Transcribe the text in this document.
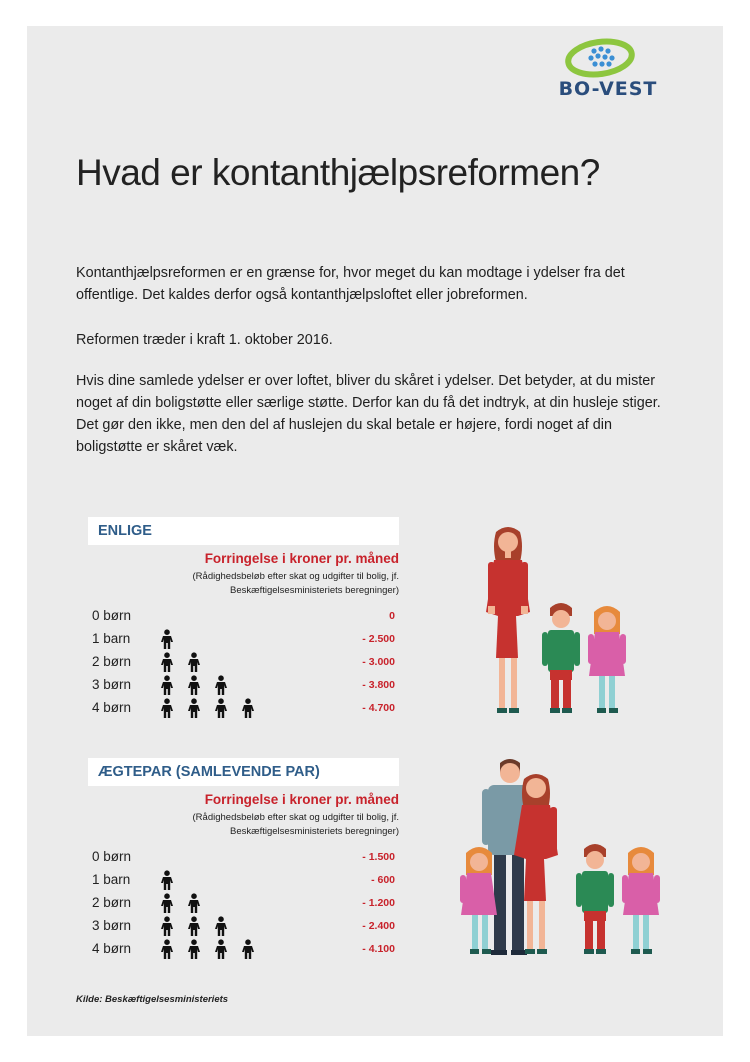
BO-VEST
Hvad er kontanthjælpsreformen?

Kontanthjælpsreformen er en grænse for, hvor meget du kan modtage i ydelser fra det offentlige. Det kaldes derfor også kontanthjælpsloftet eller jobreformen.

Reformen træder i kraft 1. oktober 2016.

Hvis dine samlede ydelser er over loftet, bliver du skåret i ydelser. Det betyder, at du mister noget af din boligstøtte eller særlige støtte. Derfor kan du få det indtryk, at din husleje stiger. Det gør den ikke, men den del af huslejen du skal betale er højere, fordi noget af din boligstøtte er skåret væk.

ENLIGE
Forringelse i kroner pr. måned
(Rådighedsbeløb efter skat og udgifter til bolig, jf. Beskæftigelsesministeriets beregninger)
0 børn	0
1 barn	- 2.500
2 børn	- 3.000
3 børn	- 3.800
4 børn	- 4.700
ÆGTEPAR (SAMLEVENDE PAR)
Forringelse i kroner pr. måned
(Rådighedsbeløb efter skat og udgifter til bolig, jf. Beskæftigelsesministeriets beregninger)
0 børn	- 1.500
1 barn	- 600
2 børn	- 1.200
3 børn	- 2.400
4 børn	- 4.100
Kilde: Beskæftigelsesministeriets
